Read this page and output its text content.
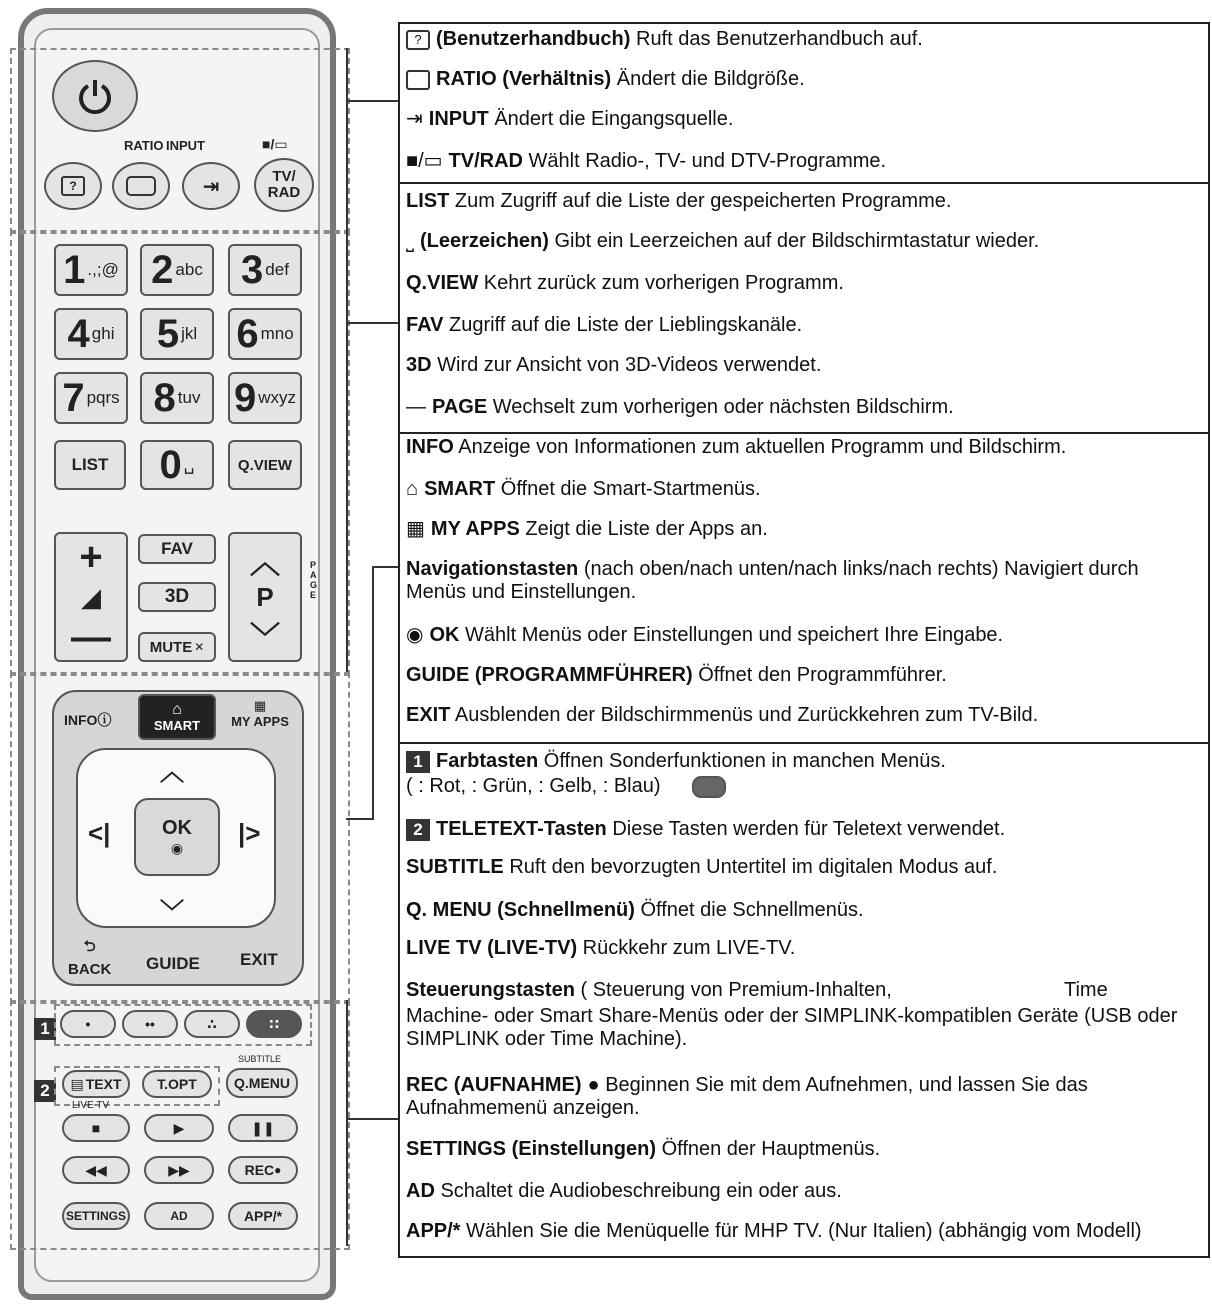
RATIO INPUT	■/▭
?	⇥	TV/
RAD
1 .,;@ 2 abc 3 def
4 ghi 5 jkl 6 mno
7 pqrs 8 tuv 9 wxyz
LIST 0 ␣	Q.VIEW
+
◢
—
FAV
3D
MUTE ✕
︿
P
﹀
PAGE
INFOⓘ
⌂
SMART
▦
MY APPS
︿
﹀
<|	|>
OK
◉
⮌
BACK GUIDE EXIT
1	•	••	∴	∷
SUBTITLE
2	▤ TEXT	T.OPT	Q.MENU
LIVE TV
■	▶	❚❚
◀◀	▶▶	REC ●
SETTINGS	AD	APP/*
? (Benutzerhandbuch) Ruft das Benutzerhandbuch auf.
RATIO (Verhältnis) Ändert die Bildgröße.
⇥ INPUT Ändert die Eingangsquelle.
■/▭ TV/RAD Wählt Radio-, TV- und DTV-Programme.
LIST Zum Zugriff auf die Liste der gespeicherten Programme.
⎵ (Leerzeichen) Gibt ein Leerzeichen auf der Bildschirmtastatur wieder.
Q.VIEW Kehrt zurück zum vorherigen Programm.
FAV Zugriff auf die Liste der Lieblingskanäle.
3D Wird zur Ansicht von 3D-Videos verwendet.
— PAGE Wechselt zum vorherigen oder nächsten Bildschirm.
INFO Anzeige von Informationen zum aktuellen Programm und Bildschirm.
⌂ SMART Öffnet die Smart-Startmenüs.
▦ MY APPS Zeigt die Liste der Apps an.
Navigationstasten (nach oben/nach unten/nach links/nach rechts) Navigiert durch Menüs und Einstellungen.
◉ OK Wählt Menüs oder Einstellungen und speichert Ihre Eingabe.
GUIDE (PROGRAMMFÜHRER) Öffnet den Programmführer.
EXIT Ausblenden der Bildschirmmenüs und Zurückkehren zum TV-Bild.
1 Farbtasten Öffnen Sonderfunktionen in manchen Menüs.
( : Rot, : Grün, : Gelb, : Blau)
2 TELETEXT-Tasten Diese Tasten werden für Teletext verwendet.
SUBTITLE Ruft den bevorzugten Untertitel im digitalen Modus auf.
Q. MENU (Schnellmenü) Öffnet die Schnellmenüs.
LIVE TV (LIVE-TV) Rückkehr zum LIVE-TV.
Steuerungstasten ( Steuerung von Premium-Inhalten,	Time
Machine- oder Smart Share-Menüs oder der SIMPLINK-kompatiblen Geräte (USB oder SIMPLINK oder Time Machine).
REC (AUFNAHME) ● Beginnen Sie mit dem Aufnehmen, und lassen Sie das Aufnahmemenü anzeigen.
SETTINGS (Einstellungen) Öffnen der Hauptmenüs.
AD Schaltet die Audiobeschreibung ein oder aus.
APP/* Wählen Sie die Menüquelle für MHP TV. (Nur Italien) (abhängig vom Modell)
